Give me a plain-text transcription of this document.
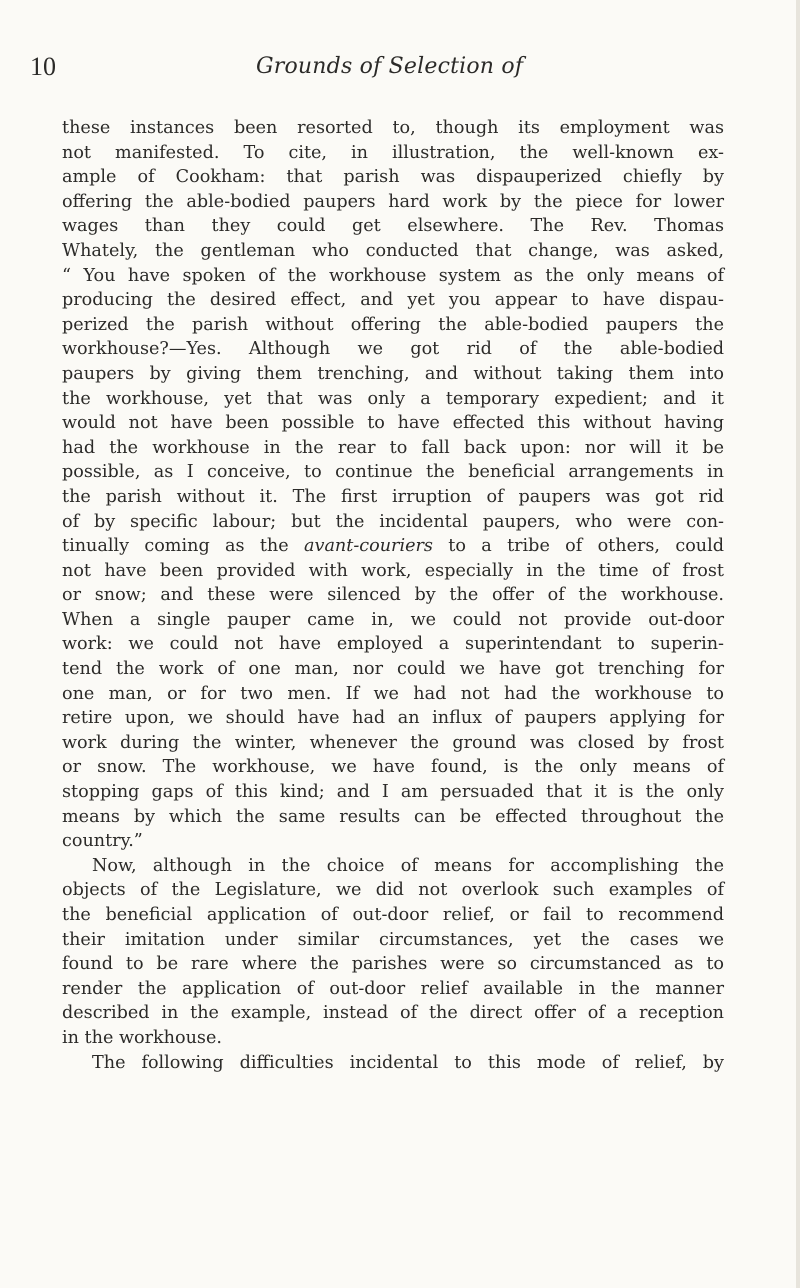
10	Grounds of Selection of
these instances been resorted to, though its employment was
not manifested. To cite, in illustration, the well-known ex-
ample of Cookham: that parish was dispauperized chiefly by
offering the able-bodied paupers hard work by the piece for lower
wages than they could get elsewhere. The Rev. Thomas
Whately, the gentleman who conducted that change, was asked,
“ You have spoken of the workhouse system as the only means of
producing the desired effect, and yet you appear to have dispau-
perized the parish without offering the able-bodied paupers the
workhouse?—Yes. Although we got rid of the able-bodied
paupers by giving them trenching, and without taking them into
the workhouse, yet that was only a temporary expedient; and it
would not have been possible to have effected this without having
had the workhouse in the rear to fall back upon: nor will it be
possible, as I conceive, to continue the beneficial arrangements in
the parish without it. The first irruption of paupers was got rid
of by specific labour; but the incidental paupers, who were con-
tinually coming as the avant-couriers to a tribe of others, could
not have been provided with work, especially in the time of frost
or snow; and these were silenced by the offer of the workhouse.
When a single pauper came in, we could not provide out-door
work: we could not have employed a superintendant to superin-
tend the work of one man, nor could we have got trenching for
one man, or for two men. If we had not had the workhouse to
retire upon, we should have had an influx of paupers applying for
work during the winter, whenever the ground was closed by frost
or snow. The workhouse, we have found, is the only means of
stopping gaps of this kind; and I am persuaded that it is the only
means by which the same results can be effected throughout the
country.”
Now, although in the choice of means for accomplishing the
objects of the Legislature, we did not overlook such examples of
the beneficial application of out-door relief, or fail to recommend
their imitation under similar circumstances, yet the cases we
found to be rare where the parishes were so circumstanced as to
render the application of out-door relief available in the manner
described in the example, instead of the direct offer of a reception
in the workhouse.
The following difficulties incidental to this mode of relief, by
